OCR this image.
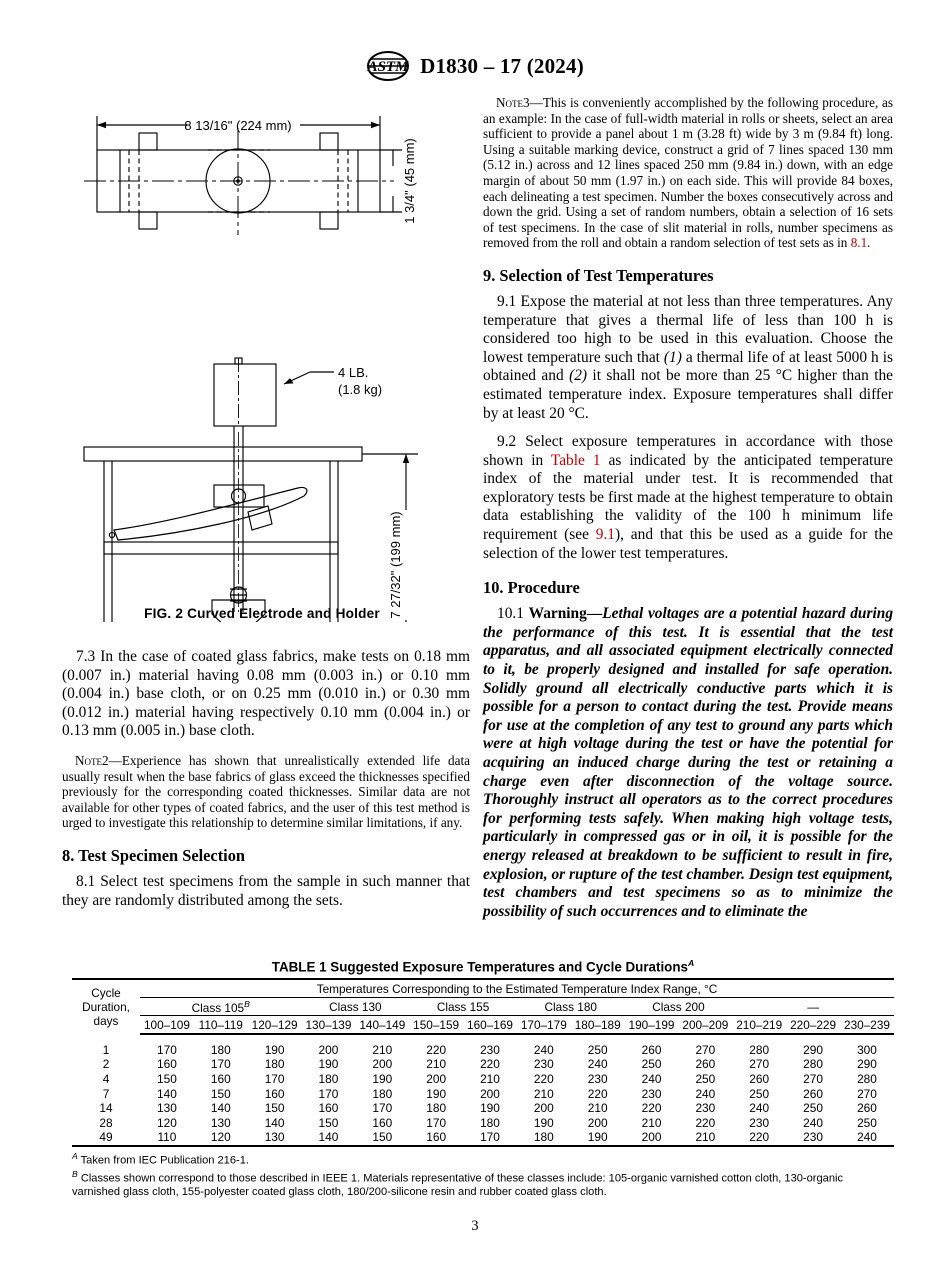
ASTM D1830 – 17 (2024)
8 13/16" (224 mm)
1 3/4" (45 mm)
4 LB.
(1.8 kg)
7 27/32" (199 mm)
FIG. 2 Curved Electrode and Holder

7.3 In the case of coated glass fabrics, make tests on 0.18 mm (0.007 in.) material having 0.08 mm (0.003 in.) or 0.10 mm (0.004 in.) base cloth, or on 0.25 mm (0.010 in.) or 0.30 mm (0.012 in.) material having respectively 0.10 mm (0.004 in.) or 0.13 mm (0.005 in.) base cloth.

Note2—Experience has shown that unrealistically extended life data usually result when the base fabrics of glass exceed the thicknesses specified previously for the corresponding coated thicknesses. Similar data are not available for other types of coated fabrics, and the user of this test method is urged to investigate this relationship to determine similar limitations, if any.

8. Test Specimen Selection

8.1 Select test specimens from the sample in such manner that they are randomly distributed among the sets.

Note3—This is conveniently accomplished by the following procedure, as an example: In the case of full-width material in rolls or sheets, select an area sufficient to provide a panel about 1 m (3.28 ft) wide by 3 m (9.84 ft) long. Using a suitable marking device, construct a grid of 7 lines spaced 130 mm (5.12 in.) across and 12 lines spaced 250 mm (9.84 in.) down, with an edge margin of about 50 mm (1.97 in.) on each side. This will provide 84 boxes, each delineating a test specimen. Number the boxes consecutively across and down the grid. Using a set of random numbers, obtain a selection of 16 sets of test specimens. In the case of slit material in rolls, number specimens as removed from the roll and obtain a random selection of test sets as in 8.1.

9. Selection of Test Temperatures

9.1 Expose the material at not less than three temperatures. Any temperature that gives a thermal life of less than 100 h is considered too high to be used in this evaluation. Choose the lowest temperature such that (1) a thermal life of at least 5000 h is obtained and (2) it shall not be more than 25 °C higher than the estimated temperature index. Exposure temperatures shall differ by at least 20 °C.

9.2 Select exposure temperatures in accordance with those shown in Table 1 as indicated by the anticipated temperature index of the material under test. It is recommended that exploratory tests be first made at the highest temperature to obtain data establishing the validity of the 100 h minimum life requirement (see 9.1), and that this be used as a guide for the selection of the lower test temperatures.

10. Procedure

10.1 Warning—Lethal voltages are a potential hazard during the performance of this test. It is essential that the test apparatus, and all associated equipment electrically connected to it, be properly designed and installed for safe operation. Solidly ground all electrically conductive parts which it is possible for a person to contact during the test. Provide means for use at the completion of any test to ground any parts which were at high voltage during the test or have the potential for acquiring an induced charge during the test or retaining a charge even after disconnection of the voltage source. Thoroughly instruct all operators as to the correct procedures for performing tests safely. When making high voltage tests, particularly in compressed gas or in oil, it is possible for the energy released at breakdown to be sufficient to result in fire, explosion, or rupture of the test chamber. Design test equipment, test chambers and test specimens so as to minimize the possibility of such occurrences and to eliminate the

TABLE 1 Suggested Exposure Temperatures and Cycle Durations$^A$
Cycle
Duration,
days	Temperatures Corresponding to the Estimated Temperature Index Range, °C													
	Class $105^B$			Class 130		Class 155		Class 180		Class 200		—		
	100–109	110–119	120–129	130–139	140–149	150–159	160–169	170–179	180–189	190–199	200–209	210–219	220–229	230–239

1	170	180	190	200	210	220	230	240	250	260	270	280	290	300
2	160	170	180	190	200	210	220	230	240	250	260	270	280	290
4	150	160	170	180	190	200	210	220	230	240	250	260	270	280
7	140	150	160	170	180	190	200	210	220	230	240	250	260	270
14	130	140	150	160	170	180	190	200	210	220	230	240	250	260
28	120	130	140	150	160	170	180	190	200	210	220	230	240	250
49	110	120	130	140	150	160	170	180	190	200	210	220	230	240
$^A$ Taken from IEC Publication 216-1.
$^B$ Classes shown correspond to those described in IEEE 1. Materials representative of these classes include: 105-organic varnished cotton cloth, 130-organic varnished glass cloth, 155-polyester coated glass cloth, 180/200-silicone resin and rubber coated glass cloth.
3
